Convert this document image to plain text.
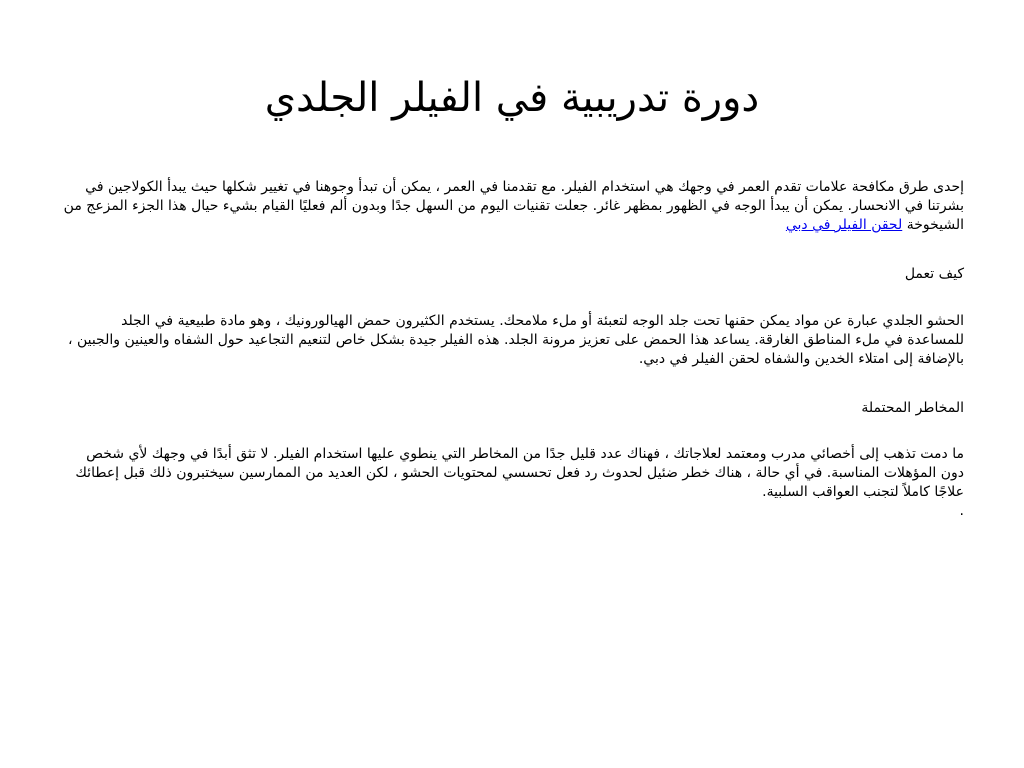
دورة تدريبية في الفيلر الجلدي

إحدى طرق مكافحة علامات تقدم العمر في وجهك هي استخدام الفيلر. مع تقدمنا في العمر ، يمكن أن تبدأ وجوهنا في تغيير شكلها حيث يبدأ الكولاجين في بشرتنا في الانحسار. يمكن أن يبدأ الوجه في الظهور بمظهر غائر. جعلت تقنيات اليوم من السهل جدًا وبدون ألم فعليًا القيام بشيء حيال هذا الجزء المزعج من الشيخوخة لحقن الفيلر في دبي

كيف تعمل

الحشو الجلدي عبارة عن مواد يمكن حقنها تحت جلد الوجه لتعبئة أو ملء ملامحك. يستخدم الكثيرون حمض الهيالورونيك ، وهو مادة طبيعية في الجلد للمساعدة في ملء المناطق الغارقة. يساعد هذا الحمض على تعزيز مرونة الجلد. هذه الفيلر جيدة بشكل خاص لتنعيم التجاعيد حول الشفاه والعينين والجبين ، بالإضافة إلى امتلاء الخدين والشفاه لحقن الفيلر في دبي.

المخاطر المحتملة

ما دمت تذهب إلى أخصائي مدرب ومعتمد لعلاجاتك ، فهناك عدد قليل جدًا من المخاطر التي ينطوي عليها استخدام الفيلر. لا تثق أبدًا في وجهك لأي شخص دون المؤهلات المناسبة. في أي حالة ، هناك خطر ضئيل لحدوث رد فعل تحسسي لمحتويات الحشو ، لكن العديد من الممارسين سيختبرون ذلك قبل إعطائك علاجًا كاملاً لتجنب العواقب السلبية.

.
